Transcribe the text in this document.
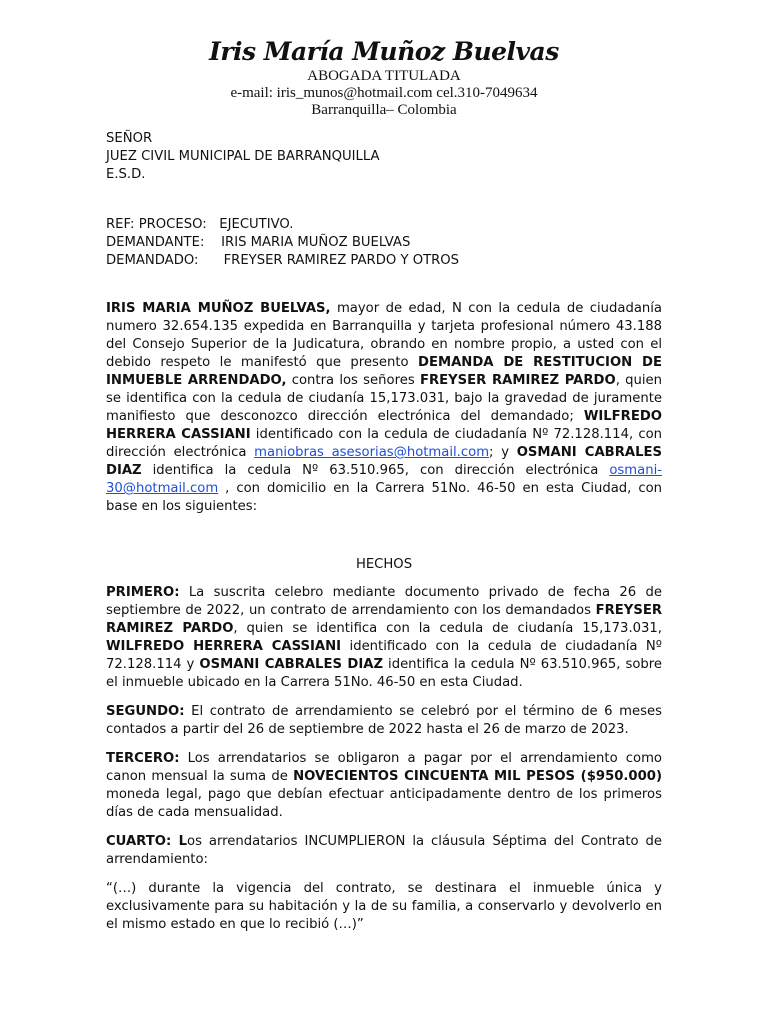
Iris María Muñoz Buelvas
ABOGADA TITULADA
e-mail: iris_munos@hotmail.com cel.310-7049634
Barranquilla– Colombia
SEÑOR
JUEZ CIVIL MUNICIPAL DE BARRANQUILLA
E.S.D.
REF: PROCESO:   EJECUTIVO.
DEMANDANTE:    IRIS MARIA MUÑOZ BUELVAS
DEMANDADO:      FREYSER RAMIREZ PARDO Y OTROS

IRIS MARIA MUÑOZ BUELVAS, mayor de edad, N con la cedula de ciudadanía numero 32.654.135 expedida en Barranquilla y tarjeta profesional número 43.188 del Consejo Superior de la Judicatura, obrando en nombre propio, a usted con el debido respeto le manifestó que presento DEMANDA DE RESTITUCION DE INMUEBLE ARRENDADO, contra los señores FREYSER RAMIREZ PARDO, quien se identifica con la cedula de ciudanía 15,173.031, bajo la gravedad de juramente manifiesto que desconozco dirección electrónica del demandado; WILFREDO HERRERA CASSIANI identificado con la cedula de ciudadanía Nº 72.128.114, con dirección electrónica maniobras asesorias@hotmail.com; y OSMANI CABRALES DIAZ identifica la cedula Nº 63.510.965, con dirección electrónica osmani-30@hotmail.com , con domicilio en la Carrera 51No. 46-50 en esta Ciudad, con base en los siguientes:

HECHOS

PRIMERO: La suscrita celebro mediante documento privado de fecha 26 de septiembre de 2022, un contrato de arrendamiento con los demandados FREYSER RAMIREZ PARDO, quien se identifica con la cedula de ciudanía 15,173.031, WILFREDO HERRERA CASSIANI identificado con la cedula de ciudadanía Nº 72.128.114 y OSMANI CABRALES DIAZ identifica la cedula Nº 63.510.965, sobre el inmueble ubicado en la Carrera 51No. 46-50 en esta Ciudad.

SEGUNDO: El contrato de arrendamiento se celebró por el término de 6 meses contados a partir del 26 de septiembre de 2022 hasta el 26 de marzo de 2023.

TERCERO: Los arrendatarios se obligaron a pagar por el arrendamiento como canon mensual la suma de NOVECIENTOS CINCUENTA MIL PESOS ($950.000) moneda legal, pago que debían efectuar anticipadamente dentro de los primeros días de cada mensualidad.

CUARTO: Los arrendatarios INCUMPLIERON la cláusula Séptima del Contrato de arrendamiento:

“(…) durante la vigencia del contrato, se destinara el inmueble única y exclusivamente para su habitación y la de su familia, a conservarlo y devolverlo en el mismo estado en que lo recibió (…)”
